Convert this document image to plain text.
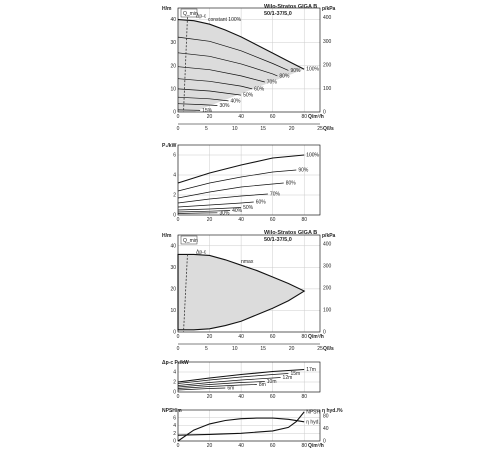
100%
90%
80%
70%
60%
50%
40%
30%
15%
Q_min
Δp-c
constant 100%
0	20	40	60	80
0
10
20
30
40
0
100
200
300
400
0	5	10	15	20	25 Q/l/s
H/m	p/kPa
Q/m³/h
100%
90%
80%
70%
60%
50%
40%
30%
0	20	40	60	80
0
2
4
6
P₁/kW
Q_min
Δp-c
nmax
0	20	40	60	80
0
10
20
30
40
0
100
200
300
400
0	5	10	15	20	25 Q/l/s
H/m	p/kPa
Q/m³/h
17m
15m
12m
10m
8m
6m
0	20	40	60	80
0
2
4
Δp-c P₁/kW
η hyd.
NPSH
0	20	40	60	80
0
2
4
6
0
40
80
NPSH/m	η hyd./%
Q/m³/h
Wilo-Stratos GIGA B
50/1-37/5,0
Wilo-Stratos GIGA B
50/1-37/5,0
